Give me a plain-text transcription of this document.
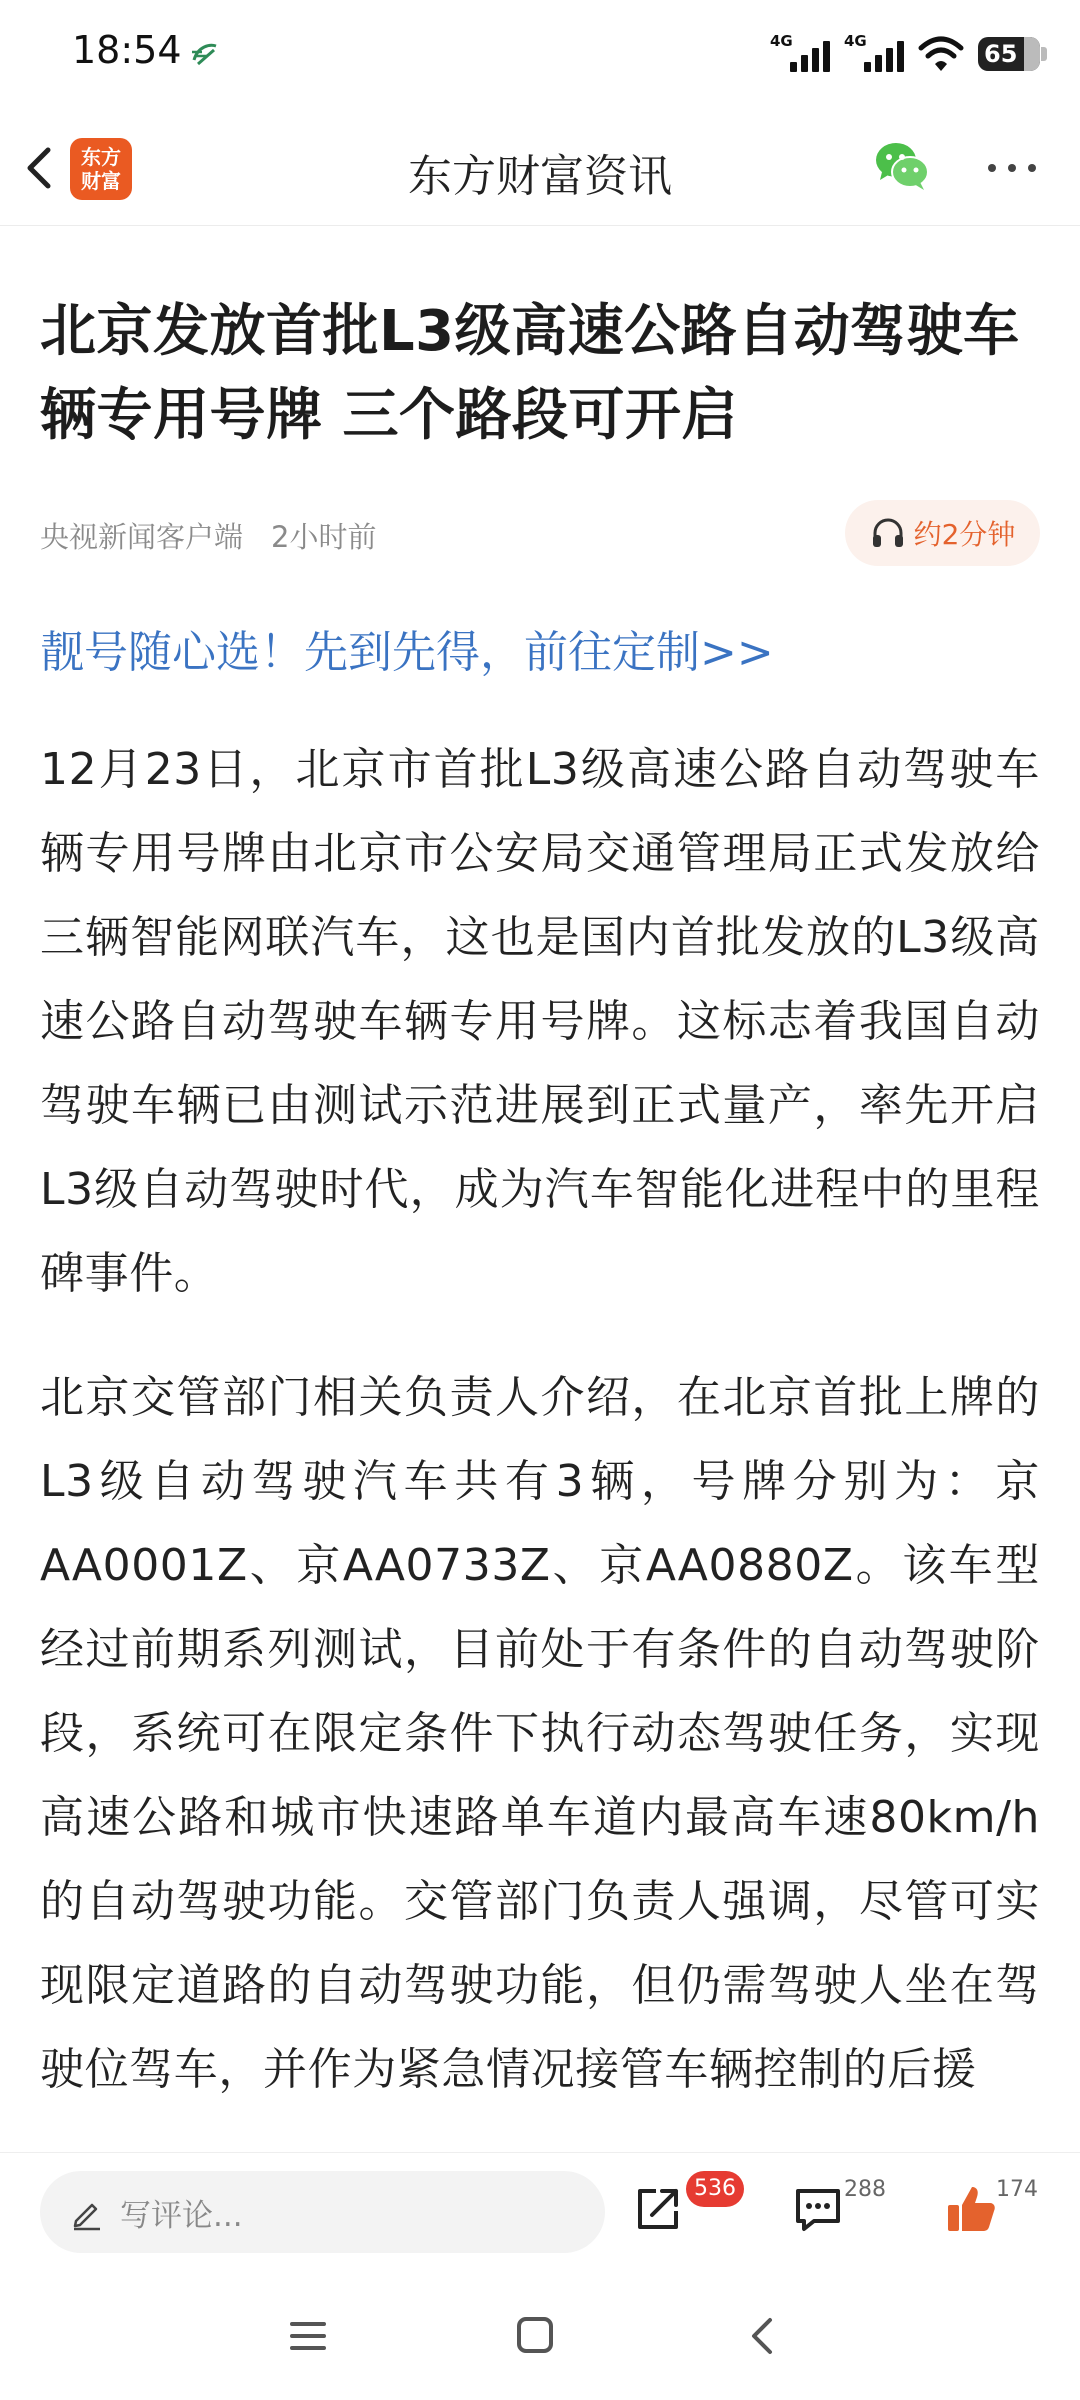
18:54	4G	4G	65
东方
财富	东方财富资讯
北京发放首批L3级高速公路自动驾驶车辆专用号牌 三个路段可开启
央视新闻客户端 2小时前	约2分钟
靓号随心选！先到先得，前往定制>>

12月23日，北京市首批L3级高速公路自动驾驶车辆专用号牌由北京市公安局交通管理局正式发放给三辆智能网联汽车，这也是国内首批发放的L3级高速公路自动驾驶车辆专用号牌。这标志着我国自动驾驶车辆已由测试示范进展到正式量产，率先开启L3级自动驾驶时代，成为汽车智能化进程中的里程碑事件。

北京交管部门相关负责人介绍，在北京首批上牌的L3级自动驾驶汽车共有3辆，号牌分别为：京AA0001Z、京AA0733Z、京AA0880Z。该车型经过前期系列测试，目前处于有条件的自动驾驶阶段，系统可在限定条件下执行动态驾驶任务，实现高速公路和城市快速路单车道内最高车速80km/h的自动驾驶功能。交管部门负责人强调，尽管可实现限定道路的自动驾驶功能，但仍需驾驶人坐在驾驶位驾车，并作为紧急情况接管车辆控制的后援

写评论...
536	288	174
